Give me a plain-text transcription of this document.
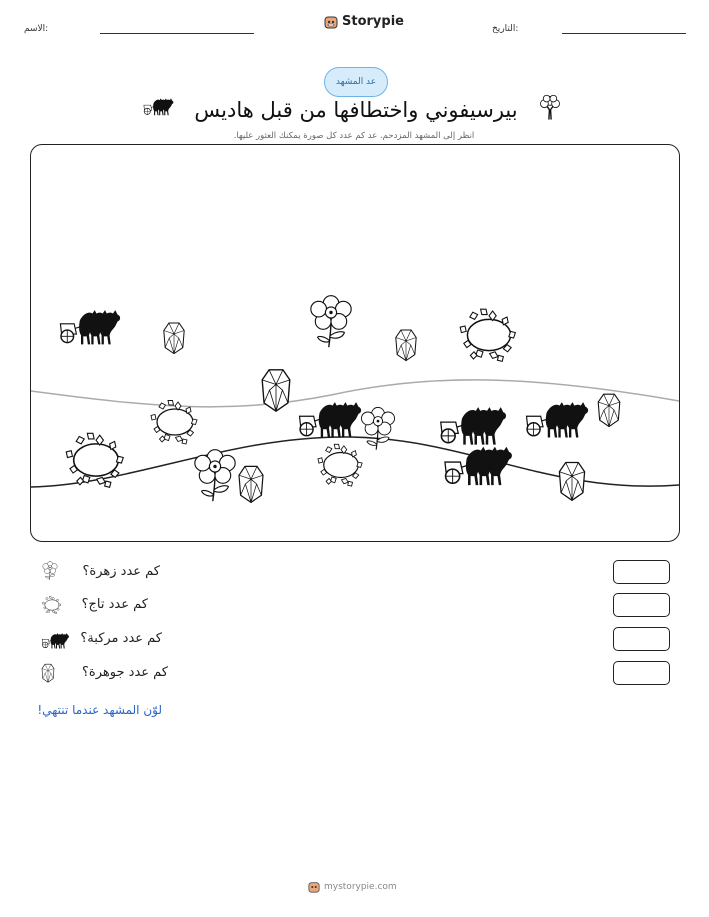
الاسم:	Storypie	التاريخ:
عد المشهد
بيرسيفوني واختطافها من قبل هاديس
انظر إلى المشهد المزدحم. عد كم عدد كل صورة يمكنك العثور عليها.
كم عدد زهرة؟
كم عدد تاج؟
كم عدد مركبة؟
كم عدد جوهرة؟
لوّن المشهد عندما تنتهي!
mystorypie.com
